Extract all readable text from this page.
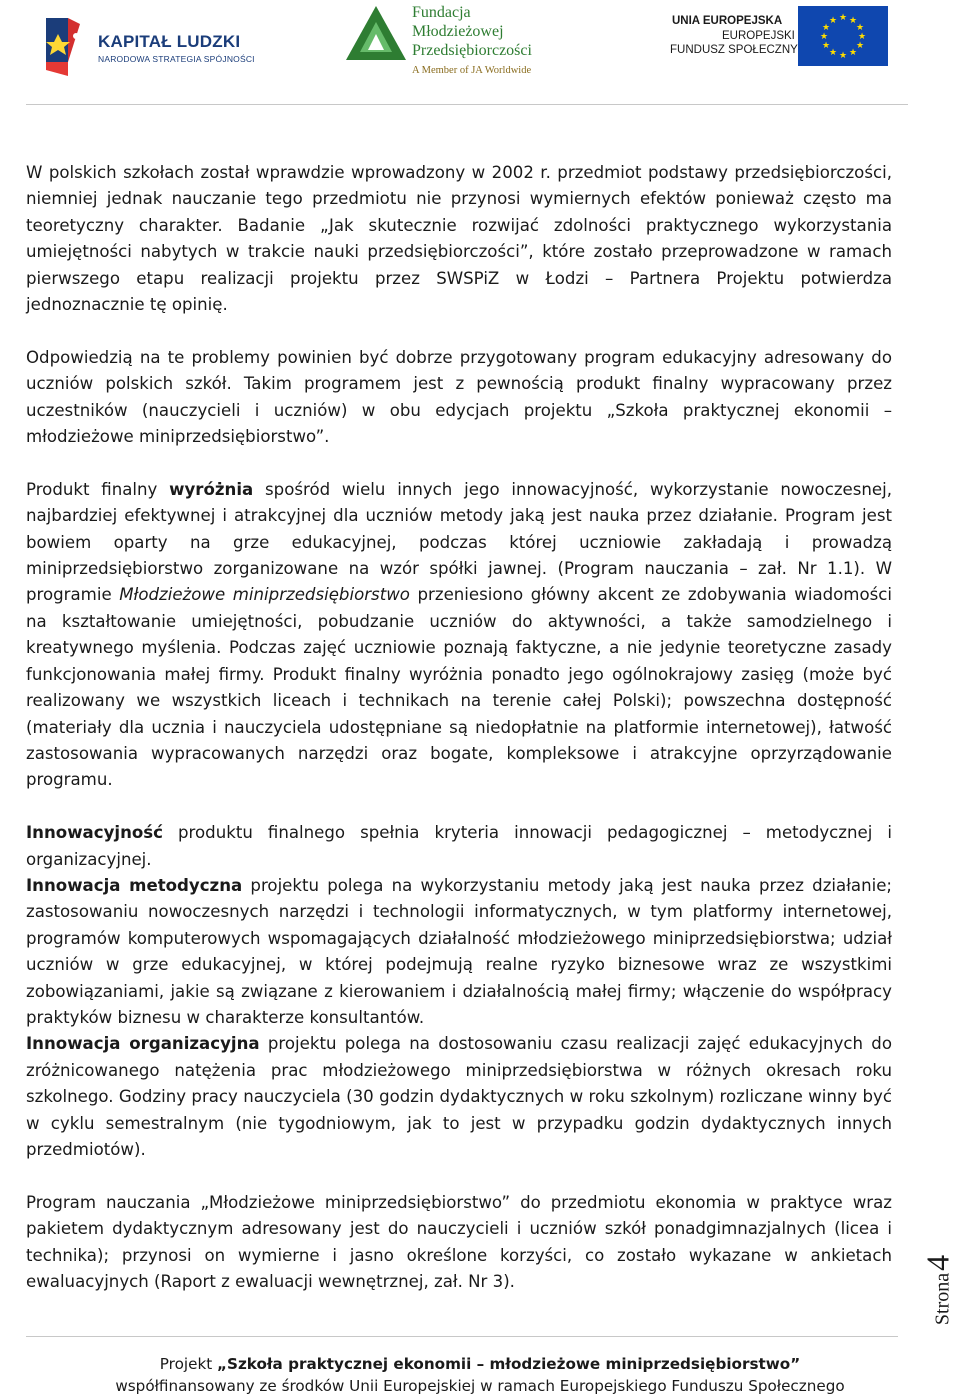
KAPITAŁ LUDZKI
NARODOWA STRATEGIA SPÓJNOŚCI
Fundacja
Młodzieżowej
Przedsiębiorczości
A Member of JA Worldwide
UNIA EUROPEJSKA
EUROPEJSKI
FUNDUSZ SPOŁECZNY
★ ★
★
★
★
★
★
★
★
★
★
★

W polskich szkołach został wprawdzie wprowadzony w 2002 r. przedmiot podstawy przedsiębiorczości, niemniej jednak nauczanie tego przedmiotu nie przynosi wymiernych efektów ponieważ często ma teoretyczny charakter. Badanie „Jak skutecznie rozwijać zdolności praktycznego wykorzystania umiejętności nabytych w trakcie nauki przedsiębiorczości”, które zostało przeprowadzone w ramach pierwszego etapu realizacji projektu przez SWSPiZ w Łodzi – Partnera Projektu potwierdza jednoznacznie tę opinię.

Odpowiedzią na te problemy powinien być dobrze przygotowany program edukacyjny adresowany do uczniów polskich szkół. Takim programem jest z pewnością produkt finalny wypracowany przez uczestników (nauczycieli i uczniów) w obu edycjach projektu „Szkoła praktycznej ekonomii – młodzieżowe miniprzedsiębiorstwo”.

Produkt finalny wyróżnia spośród wielu innych jego innowacyjność, wykorzystanie nowoczesnej, najbardziej efektywnej i atrakcyjnej dla uczniów metody jaką jest nauka przez działanie. Program jest bowiem oparty na grze edukacyjnej, podczas której uczniowie zakładają i prowadzą miniprzedsiębiorstwo zorganizowane na wzór spółki jawnej. (Program nauczania – zał. Nr 1.1). W programie Młodzieżowe miniprzedsiębiorstwo przeniesiono główny akcent ze zdobywania wiadomości na kształtowanie umiejętności, pobudzanie uczniów do aktywności, a także samodzielnego i kreatywnego myślenia. Podczas zajęć uczniowie poznają faktyczne, a nie jedynie teoretyczne zasady funkcjonowania małej firmy. Produkt finalny wyróżnia ponadto jego ogólnokrajowy zasięg (może być realizowany we wszystkich liceach i technikach na terenie całej Polski); powszechna dostępność (materiały dla ucznia i nauczyciela udostępniane są niedopłatnie na platformie internetowej), łatwość zastosowania wypracowanych narzędzi oraz bogate, kompleksowe i atrakcyjne oprzyrządowanie programu.

Innowacyjność produktu finalnego spełnia kryteria innowacji pedagogicznej – metodycznej i organizacyjnej.

Innowacja metodyczna projektu polega na wykorzystaniu metody jaką jest nauka przez działanie; zastosowaniu nowoczesnych narzędzi i technologii informatycznych, w tym platformy internetowej, programów komputerowych wspomagających działalność młodzieżowego miniprzedsiębiorstwa; udział uczniów w grze edukacyjnej, w której podejmują realne ryzyko biznesowe wraz ze wszystkimi zobowiązaniami, jakie są związane z kierowaniem i działalnością małej firmy; włączenie do współpracy praktyków biznesu w charakterze konsultantów.

Innowacja organizacyjna projektu polega na dostosowaniu czasu realizacji zajęć edukacyjnych do zróżnicowanego natężenia prac młodzieżowego miniprzedsiębiorstwa w różnych okresach roku szkolnego. Godziny pracy nauczyciela (30 godzin dydaktycznych w roku szkolnym) rozliczane winny być w cyklu semestralnym (nie tygodniowym, jak to jest w przypadku godzin dydaktycznych innych przedmiotów).

Program nauczania „Młodzieżowe miniprzedsiębiorstwo” do przedmiotu ekonomia w praktyce wraz pakietem dydaktycznym adresowany jest do nauczycieli i uczniów szkół ponadgimnazjalnych (licea i technika); przynosi on wymierne i jasno określone korzyści, co zostało wykazane w ankietach ewaluacyjnych (Raport z ewaluacji wewnętrznej, zał. Nr 3).	Strona4
Projekt „Szkoła praktycznej ekonomii – młodzieżowe miniprzedsiębiorstwo”
współfinansowany ze środków Unii Europejskiej w ramach Europejskiego Funduszu Społecznego
